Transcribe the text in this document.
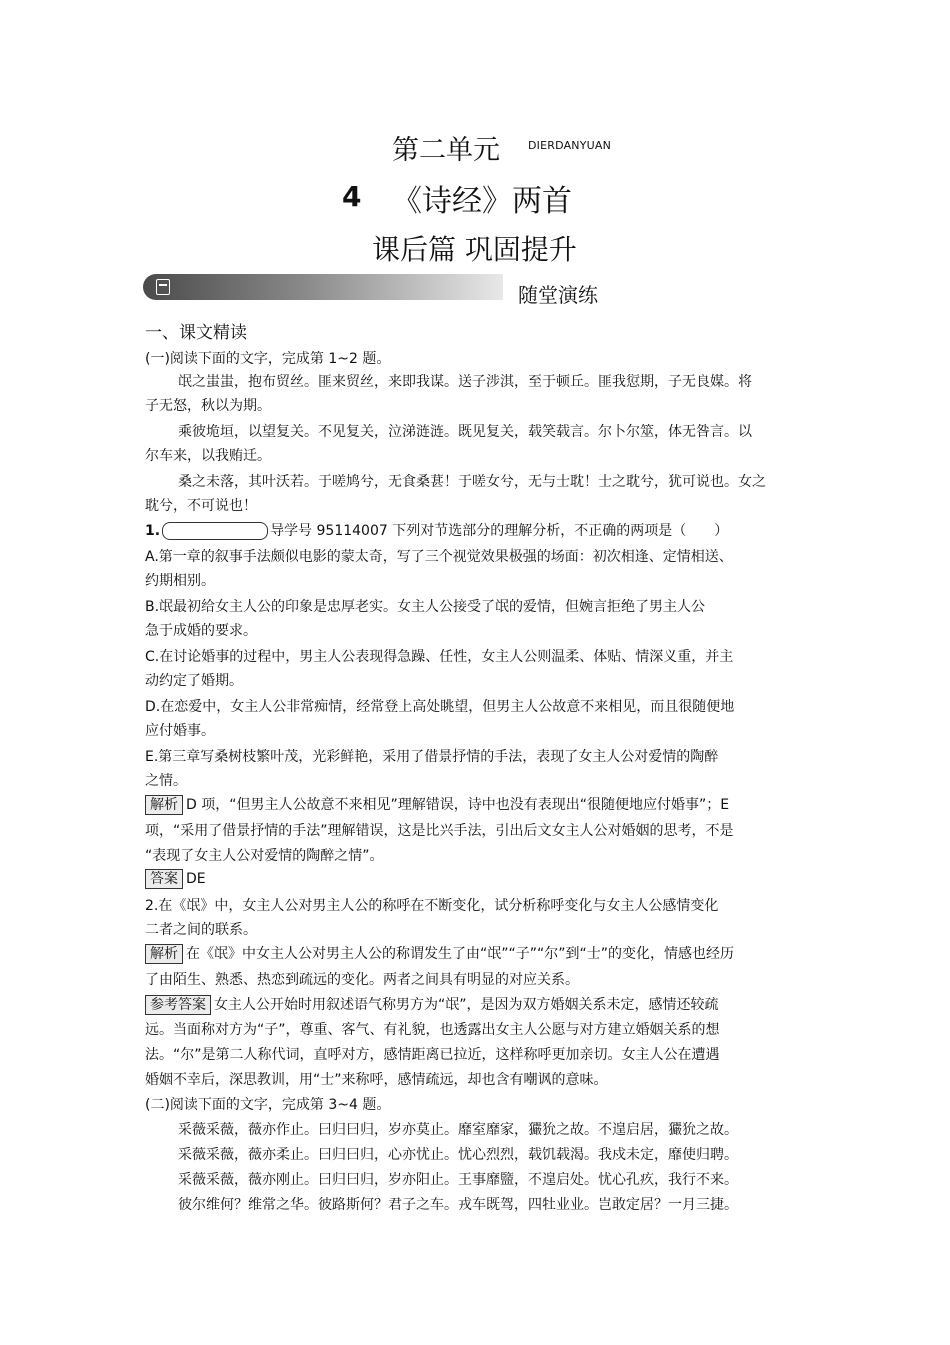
第二单元	DIERDANYUAN
4 《诗经》两首
课后篇 巩固提升
随堂演练
一、课文精读
(一)阅读下面的文字，完成第 1~2 题。
氓之蚩蚩，抱布贸丝。匪来贸丝，来即我谋。送子涉淇，至于顿丘。匪我愆期，子无良媒。将
子无怒，秋以为期。
乘彼垝垣，以望复关。不见复关，泣涕涟涟。既见复关，载笑载言。尔卜尔筮，体无咎言。以
尔车来，以我贿迁。
桑之未落，其叶沃若。于嗟鸠兮，无食桑葚！于嗟女兮，无与士耽！士之耽兮，犹可说也。女之
耽兮，不可说也！
1.	导学号 95114007 下列对节选部分的理解分析，不正确的两项是（　　）
A.第一章的叙事手法颇似电影的蒙太奇，写了三个视觉效果极强的场面：初次相逢、定情相送、
约期相别。
B.氓最初给女主人公的印象是忠厚老实。女主人公接受了氓的爱情，但婉言拒绝了男主人公
急于成婚的要求。
C.在讨论婚事的过程中，男主人公表现得急躁、任性，女主人公则温柔、体贴、情深义重，并主
动约定了婚期。
D.在恋爱中，女主人公非常痴情，经常登上高处眺望，但男主人公故意不来相见，而且很随便地
应付婚事。
E.第三章写桑树枝繁叶茂，光彩鲜艳，采用了借景抒情的手法，表现了女主人公对爱情的陶醉
之情。
解析 D 项，“但男主人公故意不来相见”理解错误，诗中也没有表现出“很随便地应付婚事”；E
项，“采用了借景抒情的手法”理解错误，这是比兴手法，引出后文女主人公对婚姻的思考，不是
“表现了女主人公对爱情的陶醉之情”。
答案 DE
2.在《氓》中，女主人公对男主人公的称呼在不断变化，试分析称呼变化与女主人公感情变化
二者之间的联系。
解析 在《氓》中女主人公对男主人公的称谓发生了由“氓”“子”“尔”到“士”的变化，情感也经历
了由陌生、熟悉、热恋到疏远的变化。两者之间具有明显的对应关系。
参考答案 女主人公开始时用叙述语气称男方为“氓”，是因为双方婚姻关系未定，感情还较疏
远。当面称对方为“子”，尊重、客气、有礼貌，也透露出女主人公愿与对方建立婚姻关系的想
法。“尔”是第二人称代词，直呼对方，感情距离已拉近，这样称呼更加亲切。女主人公在遭遇
婚姻不幸后，深思教训，用“士”来称呼，感情疏远，却也含有嘲讽的意味。
(二)阅读下面的文字，完成第 3~4 题。
采薇采薇，薇亦作止。曰归曰归，岁亦莫止。靡室靡家，玁狁之故。不遑启居，玁狁之故。
采薇采薇，薇亦柔止。曰归曰归，心亦忧止。忧心烈烈，载饥载渴。我戍未定，靡使归聘。
采薇采薇，薇亦刚止。曰归曰归，岁亦阳止。王事靡盬，不遑启处。忧心孔疚，我行不来。
彼尔维何？维常之华。彼路斯何？君子之车。戎车既驾，四牡业业。岂敢定居？一月三捷。
